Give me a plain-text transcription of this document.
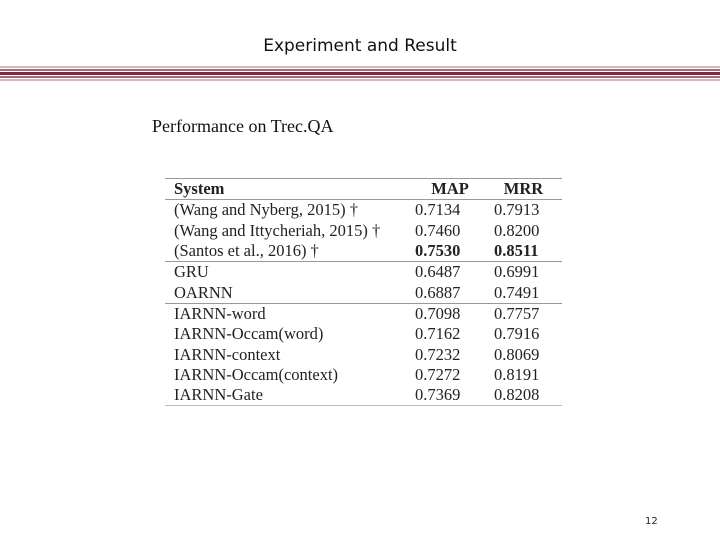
Experiment and Result
Performance on Trec.QA
System	MAP	MRR
(Wang and Nyberg, 2015) †	0.7134	0.7913
(Wang and Ittycheriah, 2015) †	0.7460	0.8200
(Santos et al., 2016) †	0.7530	0.8511
GRU	0.6487	0.6991
OARNN	0.6887	0.7491
IARNN-word	0.7098	0.7757
IARNN-Occam(word)	0.7162	0.7916
IARNN-context	0.7232	0.8069
IARNN-Occam(context)	0.7272	0.8191
IARNN-Gate	0.7369	0.8208
12
